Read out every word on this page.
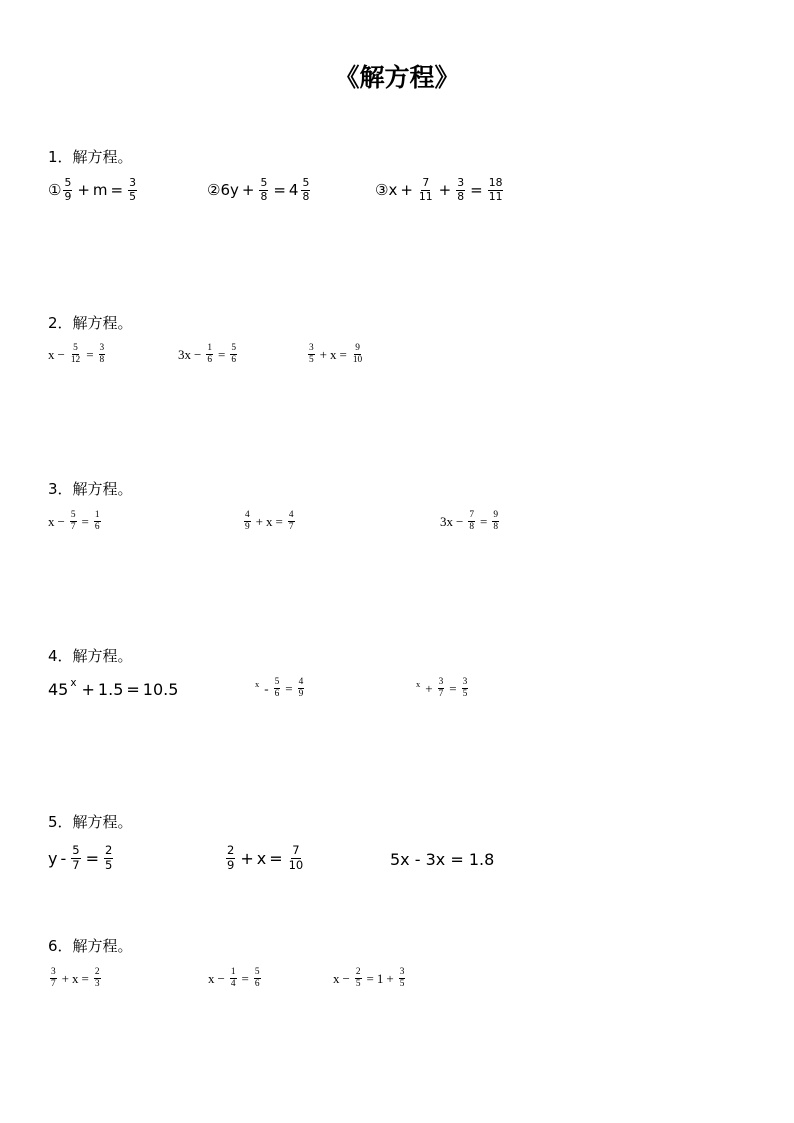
《解方程》
1．解方程。
① $\frac{5}{9} + m = \frac{3}{5}$	② $6y + \frac{5}{8} = 4 \frac{5}{8}$	③ $x + \frac{7}{11} + \frac{3}{8} = \frac{18}{11}$
2．解方程。
$x - \frac{5}{12} = \frac{3}{8}$	$3x - \frac{1}{6} = \frac{5}{6}$	$\frac{3}{5} + x = \frac{9}{10}$
3．解方程。
$x - \frac{5}{7} = \frac{1}{6}$	$\frac{4}{9} + x = \frac{4}{7}$	$3x - \frac{7}{8} = \frac{9}{8}$
4．解方程。
45 x + 1.5 = 10.5	$x - \frac{5}{6} = \frac{4}{9}$	$x + \frac{3}{7} = \frac{3}{5}$
5．解方程。
$y - \frac{5}{7} = \frac{2}{5}$	$\frac{2}{9} + x = \frac{7}{10}$	5x - 3x = 1.8
6．解方程。
$\frac{3}{7} + x = \frac{2}{3}$	$x - \frac{1}{4} = \frac{5}{6}$	$x - \frac{2}{5} = 1 + \frac{3}{5}$
